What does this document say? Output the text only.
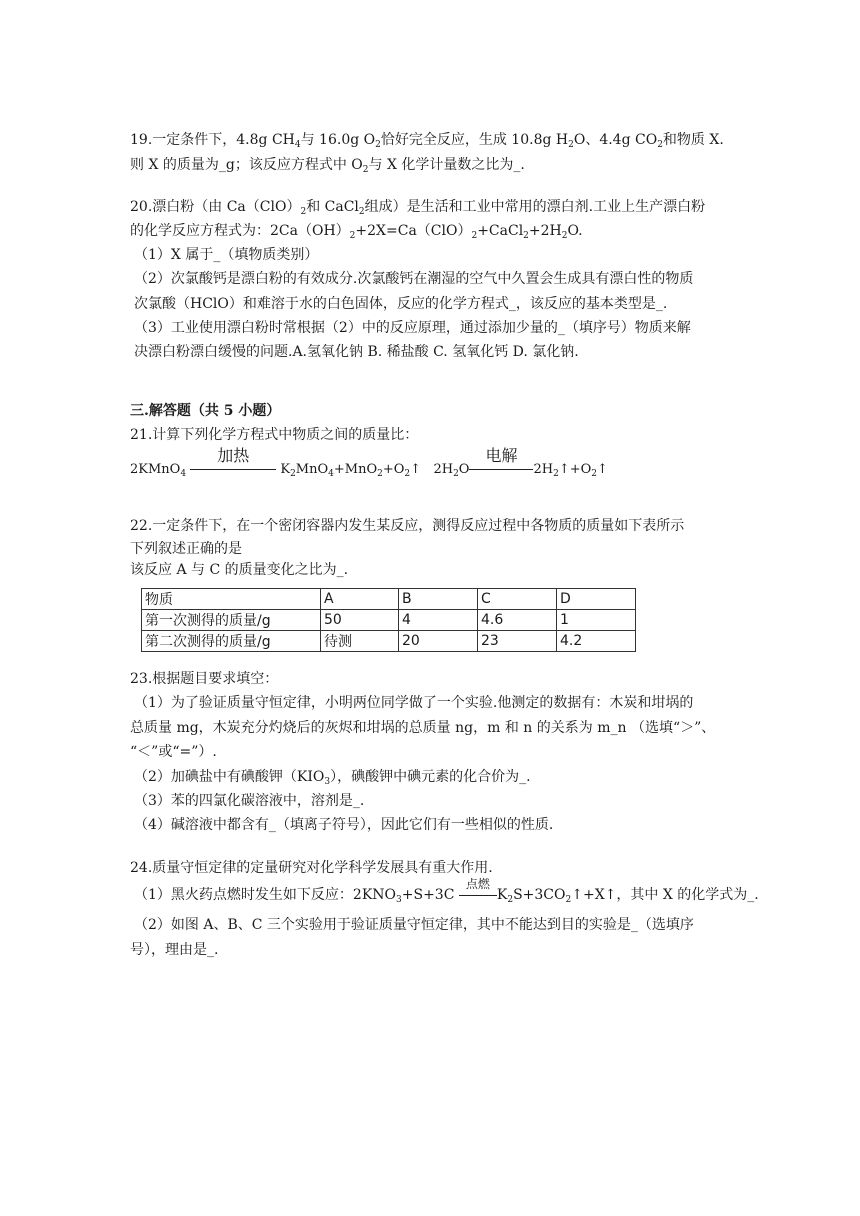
19.一定条件下，4.8g $CH_4$与 16.0g $O_2$恰好完全反应，生成 10.8g $H_2O$、4.4g $CO_2$和物质 X.
则 X 的质量为_g；该反应方程式中 $O_2$与 X 化学计量数之比为_.
20.漂白粉（由 $Ca(ClO)_2$和 CaCl$_2$组成）是生活和工业中常用的漂白剂.工业上生产漂白粉
的化学反应方程式为：$2Ca(OH)_2+2X=Ca(ClO)_2+CaCl_2+2H_2O$.
（1）X 属于_（填物质类别）
（2）次氯酸钙是漂白粉的有效成分.次氯酸钙在潮湿的空气中久置会生成具有漂白性的物质
次氯酸（HClO）和难溶于水的白色固体，反应的化学方程式_，该反应的基本类型是_.
（3）工业使用漂白粉时常根据（2）中的反应原理，通过添加少量的_（填序号）物质来解
决漂白粉漂白缓慢的问题.A.氢氧化钠 B. 稀盐酸 C. 氢氧化钙 D. 氯化钠.
三.解答题（共 5 小题）
21.计算下列化学方程式中物质之间的质量比：
2KMnO$_4$
加热
$K_2MnO_4+MnO_2+O_2↑$ $2H_2O$
电解
$2H_2↑+O_2↑$
22.一定条件下，在一个密闭容器内发生某反应，测得反应过程中各物质的质量如下表所示
下列叙述正确的是
该反应 A 与 C 的质量变化之比为_.
物质	A	B	C	D
第一次测得的质量/g	50	4	4.6	1
第二次测得的质量/g	待测	20	23	4.2
23.根据题目要求填空：
（1）为了验证质量守恒定律，小明两位同学做了一个实验.他测定的数据有：木炭和坩埚的
总质量 mg，木炭充分灼烧后的灰烬和坩埚的总质量 ng，m 和 n 的关系为 m_n （选填“＞”、
“＜”或“=”）.
（2）加碘盐中有碘酸钾$(KIO_3)$，碘酸钾中碘元素的化合价为_.
（3）苯的四氯化碳溶液中，溶剂是_.
（4）碱溶液中都含有_（填离子符号），因此它们有一些相似的性质.
24.质量守恒定律的定量研究对化学科学发展具有重大作用.
（1）黑火药点燃时发生如下反应：$2KNO_3+S+3C$
点燃
$K_2S+3CO_2↑+X↑$，其中 X 的化学式为_.
（2）如图 A、B、C 三个实验用于验证质量守恒定律，其中不能达到目的实验是_（选填序
号），理由是_.
